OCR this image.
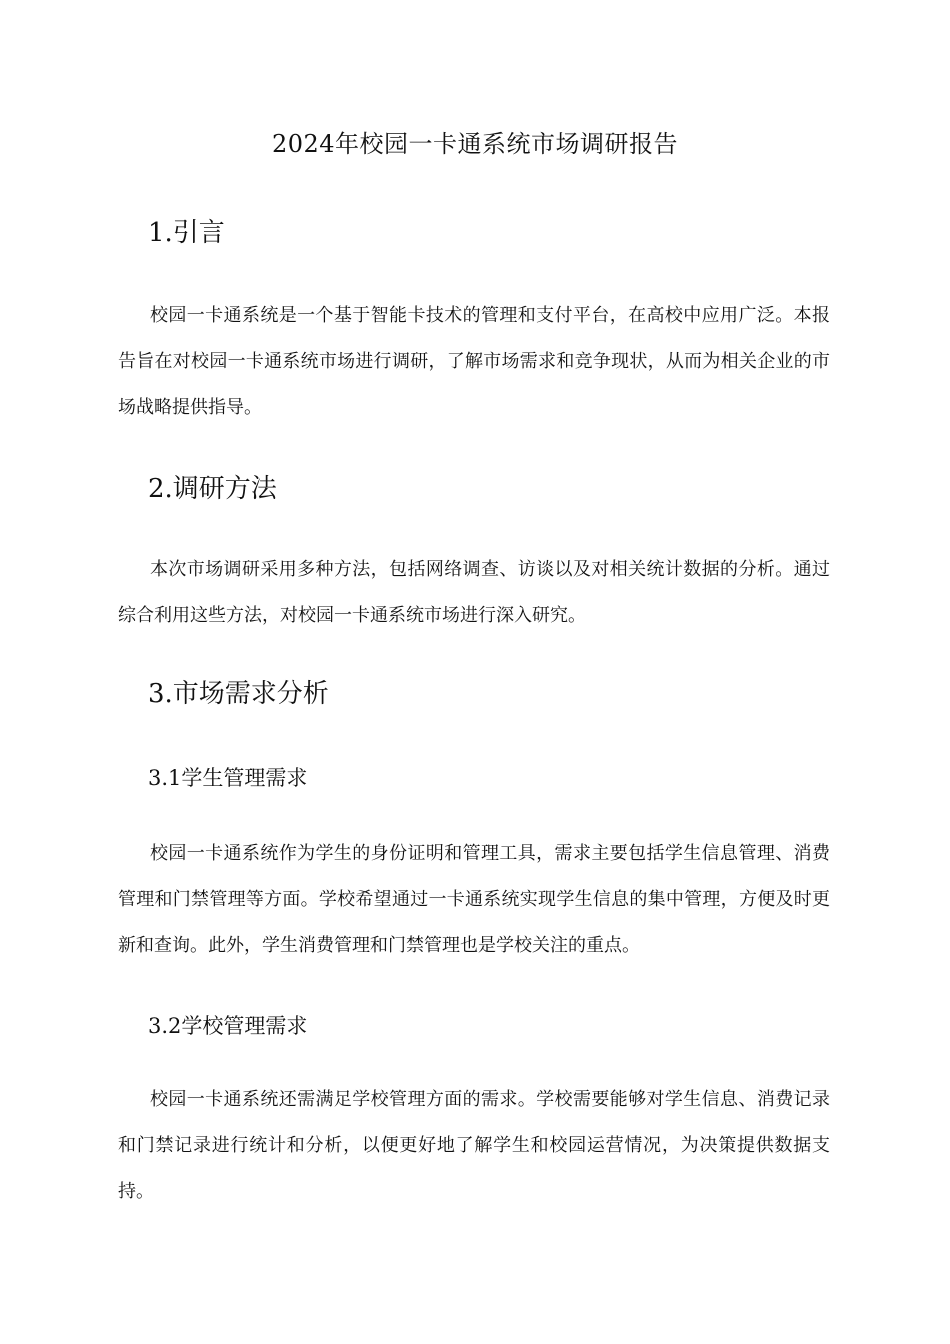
2024年校园一卡通系统市场调研报告
1.引言

校园一卡通系统是一个基于智能卡技术的管理和支付平台，在高校中应用广泛。本报告旨在对校园一卡通系统市场进行调研，了解市场需求和竞争现状，从而为相关企业的市场战略提供指导。

2.调研方法

本次市场调研采用多种方法，包括网络调查、访谈以及对相关统计数据的分析。通过综合利用这些方法，对校园一卡通系统市场进行深入研究。

3.市场需求分析
3.1学生管理需求

校园一卡通系统作为学生的身份证明和管理工具，需求主要包括学生信息管理、消费管理和门禁管理等方面。学校希望通过一卡通系统实现学生信息的集中管理，方便及时更新和查询。此外，学生消费管理和门禁管理也是学校关注的重点。

3.2学校管理需求

校园一卡通系统还需满足学校管理方面的需求。学校需要能够对学生信息、消费记录和门禁记录进行统计和分析，以便更好地了解学生和校园运营情况，为决策提供数据支持。
